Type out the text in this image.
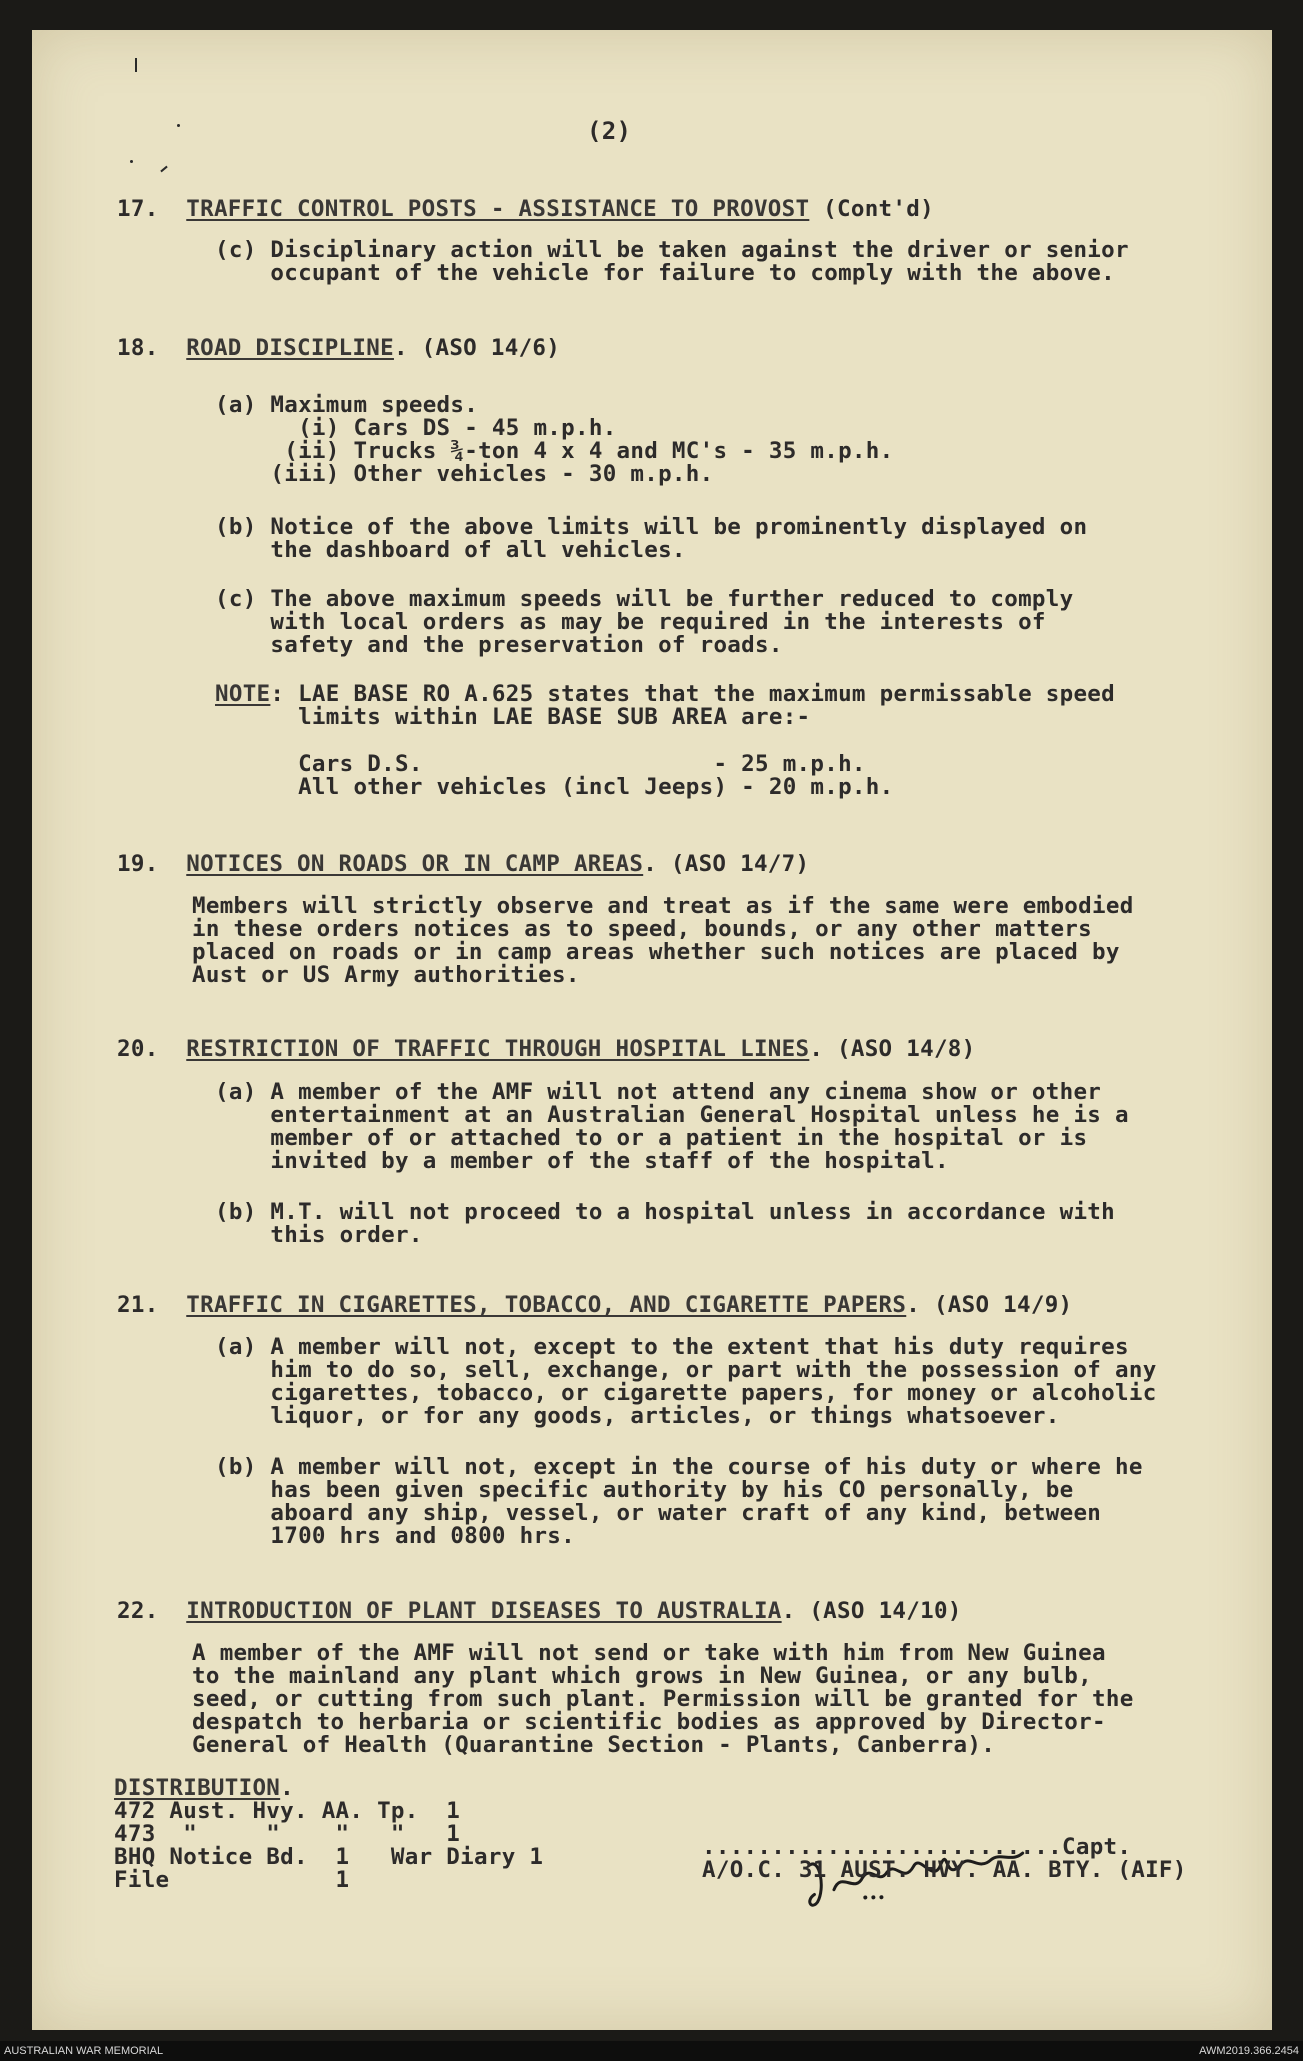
(2)
17. TRAFFIC CONTROL POSTS - ASSISTANCE TO PROVOST (Cont'd)
(c) Disciplinary action will be taken against the driver or senior
occupant of the vehicle for failure to comply with the above.
18. ROAD DISCIPLINE. (ASO 14/6)
(a) Maximum speeds.
(i) Cars DS - 45 m.p.h.
(ii) Trucks ¾-ton 4 x 4 and MC's - 35 m.p.h.
(iii) Other vehicles - 30 m.p.h.
(b) Notice of the above limits will be prominently displayed on
the dashboard of all vehicles.
(c) The above maximum speeds will be further reduced to comply
with local orders as may be required in the interests of
safety and the preservation of roads.
NOTE: LAE BASE RO A.625 states that the maximum permissable speed
limits within LAE BASE SUB AREA are:-
Cars D.S.                     - 25 m.p.h.
All other vehicles (incl Jeeps) - 20 m.p.h.
19. NOTICES ON ROADS OR IN CAMP AREAS. (ASO 14/7)
Members will strictly observe and treat as if the same were embodied
in these orders notices as to speed, bounds, or any other matters
placed on roads or in camp areas whether such notices are placed by
Aust or US Army authorities.
20. RESTRICTION OF TRAFFIC THROUGH HOSPITAL LINES. (ASO 14/8)
(a) A member of the AMF will not attend any cinema show or other
entertainment at an Australian General Hospital unless he is a
member of or attached to or a patient in the hospital or is
invited by a member of the staff of the hospital.
(b) M.T. will not proceed to a hospital unless in accordance with
this order.
21. TRAFFIC IN CIGARETTES, TOBACCO, AND CIGARETTE PAPERS. (ASO 14/9)
(a) A member will not, except to the extent that his duty requires
him to do so, sell, exchange, or part with the possession of any
cigarettes, tobacco, or cigarette papers, for money or alcoholic
liquor, or for any goods, articles, or things whatsoever.
(b) A member will not, except in the course of his duty or where he
has been given specific authority by his CO personally, be
aboard any ship, vessel, or water craft of any kind, between
1700 hrs and 0800 hrs.
22. INTRODUCTION OF PLANT DISEASES TO AUSTRALIA. (ASO 14/10)
A member of the AMF will not send or take with him from New Guinea
to the mainland any plant which grows in New Guinea, or any bulb,
seed, or cutting from such plant. Permission will be granted for the
despatch to herbaria or scientific bodies as approved by Director-
General of Health (Quarantine Section - Plants, Canberra).
DISTRIBUTION.
472 Aust. Hvy. AA. Tp.  1
473  "     "    "   "   1
BHQ Notice Bd.  1   War Diary 1
File            1
..........................Capt.
A/O.C. 31 AUST. HVY. AA. BTY. (AIF)
AUSTRALIAN WAR MEMORIAL	AWM2019.366.2454
